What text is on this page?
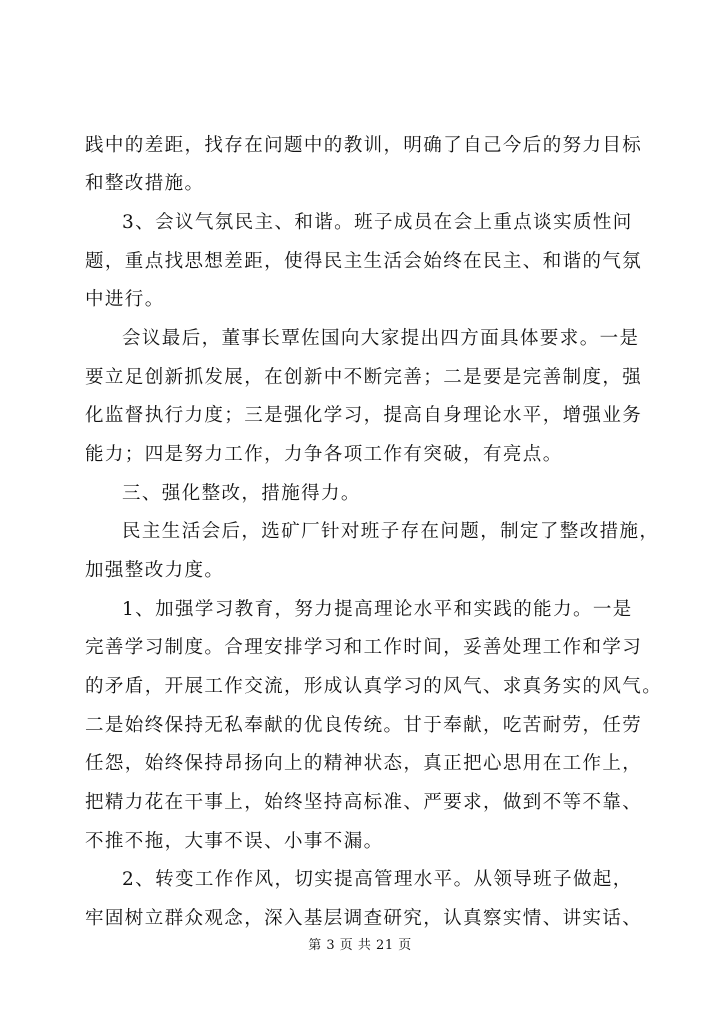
践中的差距，找存在问题中的教训，明确了自己今后的努力目标
和整改措施。
3、会议气氛民主、和谐。班子成员在会上重点谈实质性问
题，重点找思想差距，使得民主生活会始终在民主、和谐的气氛
中进行。
会议最后，董事长覃佐国向大家提出四方面具体要求。一是
要立足创新抓发展，在创新中不断完善；二是要是完善制度，强
化监督执行力度；三是强化学习，提高自身理论水平，增强业务
能力；四是努力工作，力争各项工作有突破，有亮点。
三、强化整改，措施得力。
民主生活会后，选矿厂针对班子存在问题，制定了整改措施，
加强整改力度。
1、加强学习教育，努力提高理论水平和实践的能力。一是
完善学习制度。合理安排学习和工作时间，妥善处理工作和学习
的矛盾，开展工作交流，形成认真学习的风气、求真务实的风气。
二是始终保持无私奉献的优良传统。甘于奉献，吃苦耐劳，任劳
任怨，始终保持昂扬向上的精神状态，真正把心思用在工作上，
把精力花在干事上，始终坚持高标准、严要求，做到不等不靠、
不推不拖，大事不误、小事不漏。
2、转变工作作风，切实提高管理水平。从领导班子做起，
牢固树立群众观念，深入基层调查研究，认真察实情、讲实话、
第 3 页 共 21 页
